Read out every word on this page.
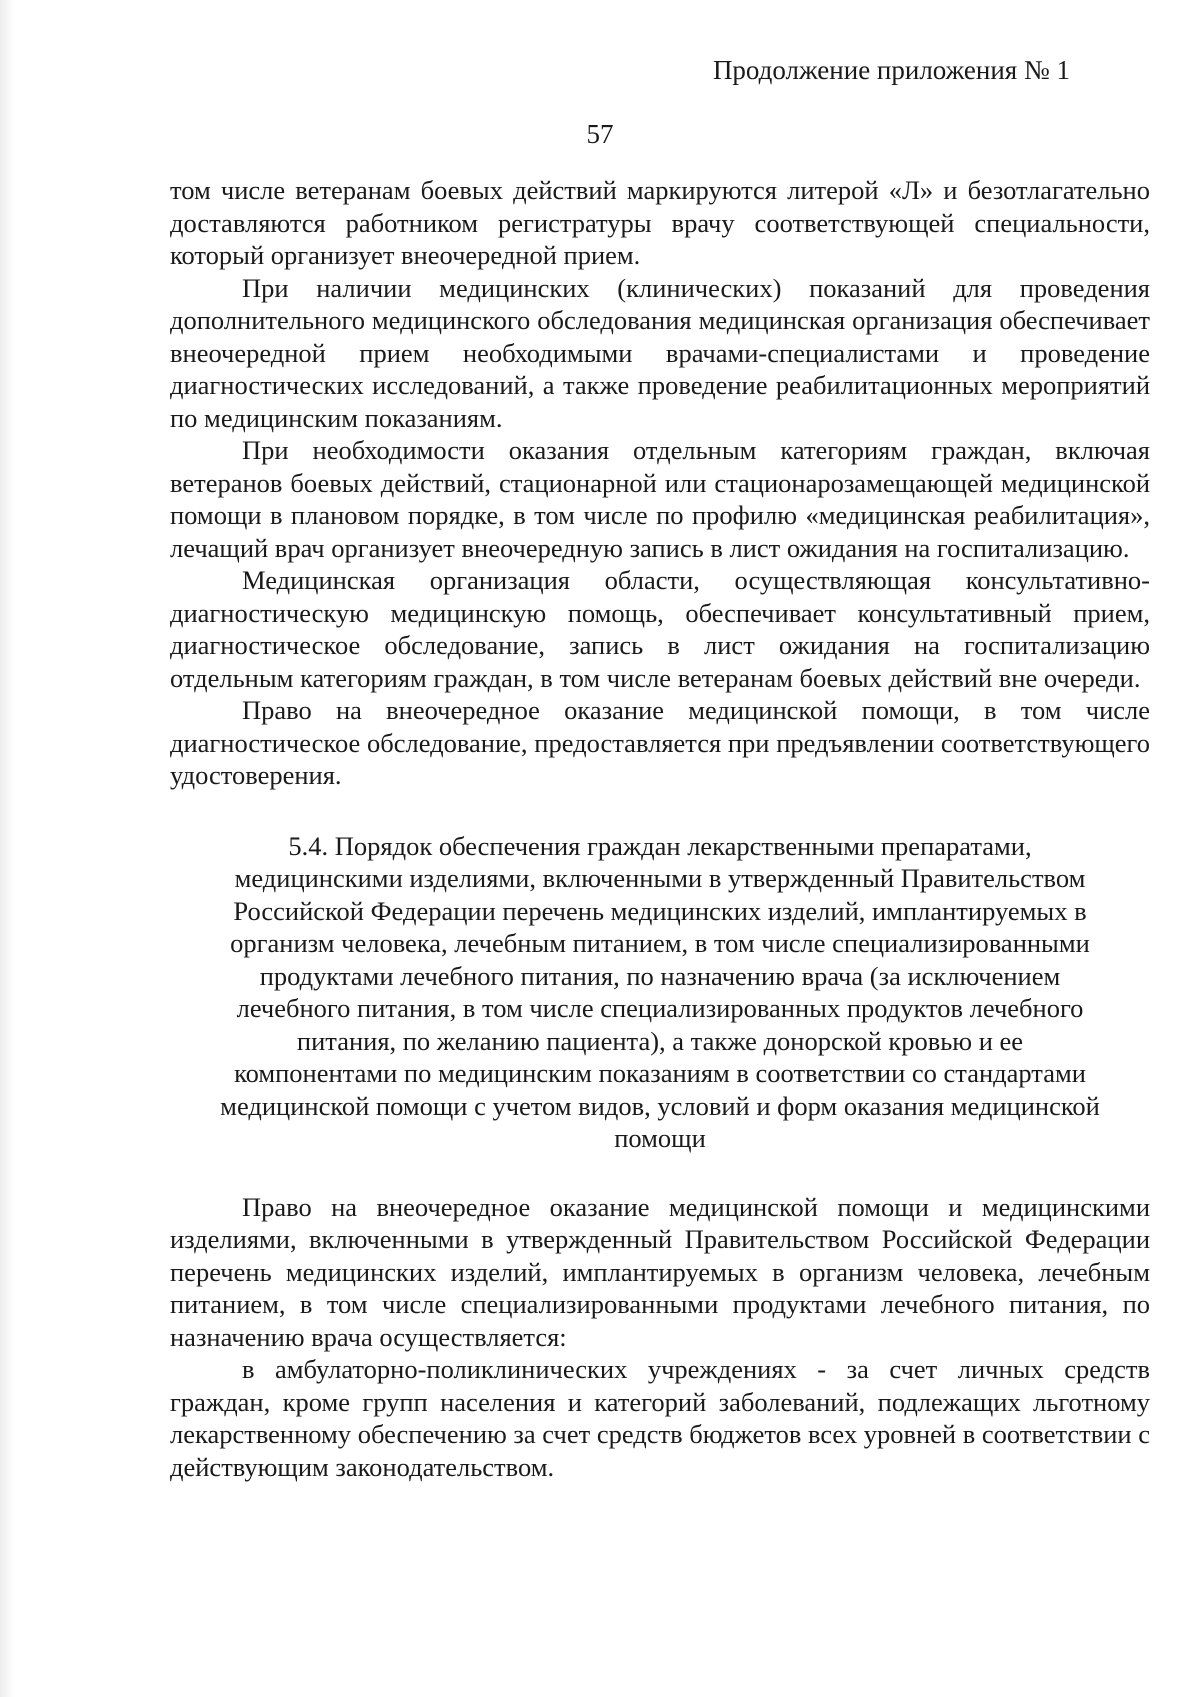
Продолжение приложения № 1
57

том числе ветеранам боевых действий маркируются литерой «Л» и безотлагательно доставляются работником регистратуры врачу соответствующей специальности, который организует внеочередной прием.

При наличии медицинских (клинических) показаний для проведения дополнительного медицинского обследования медицинская организация обеспечивает внеочередной прием необходимыми врачами-специалистами и проведение диагностических исследований, а также проведение реабилитационных мероприятий по медицинским показаниям.

При необходимости оказания отдельным категориям граждан, включая ветеранов боевых действий, стационарной или стационарозамещающей медицинской помощи в плановом порядке, в том числе по профилю «медицинская реабилитация», лечащий врач организует внеочередную запись в лист ожидания на госпитализацию.

Медицинская организация области, осуществляющая консультативно-диагностическую медицинскую помощь, обеспечивает консультативный прием, диагностическое обследование, запись в лист ожидания на госпитализацию отдельным категориям граждан, в том числе ветеранам боевых действий вне очереди.

Право на внеочередное оказание медицинской помощи, в том числе диагностическое обследование, предоставляется при предъявлении соответствующего удостоверения.

5.4. Порядок обеспечения граждан лекарственными препаратами, медицинскими изделиями, включенными в утвержденный Правительством Российской Федерации перечень медицинских изделий, имплантируемых в организм человека, лечебным питанием, в том числе специализированными продуктами лечебного питания, по назначению врача (за исключением лечебного питания, в том числе специализированных продуктов лечебного питания, по желанию пациента), а также донорской кровью и ее компонентами по медицинским показаниям в соответствии со стандартами медицинской помощи с учетом видов, условий и форм оказания медицинской помощи

Право на внеочередное оказание медицинской помощи и медицинскими изделиями, включенными в утвержденный Правительством Российской Федерации перечень медицинских изделий, имплантируемых в организм человека, лечебным питанием, в том числе специализированными продуктами лечебного питания, по назначению врача осуществляется:

в амбулаторно-поликлинических учреждениях - за счет личных средств граждан, кроме групп населения и категорий заболеваний, подлежащих льготному лекарственному обеспечению за счет средств бюджетов всех уровней в соответствии с действующим законодательством.
